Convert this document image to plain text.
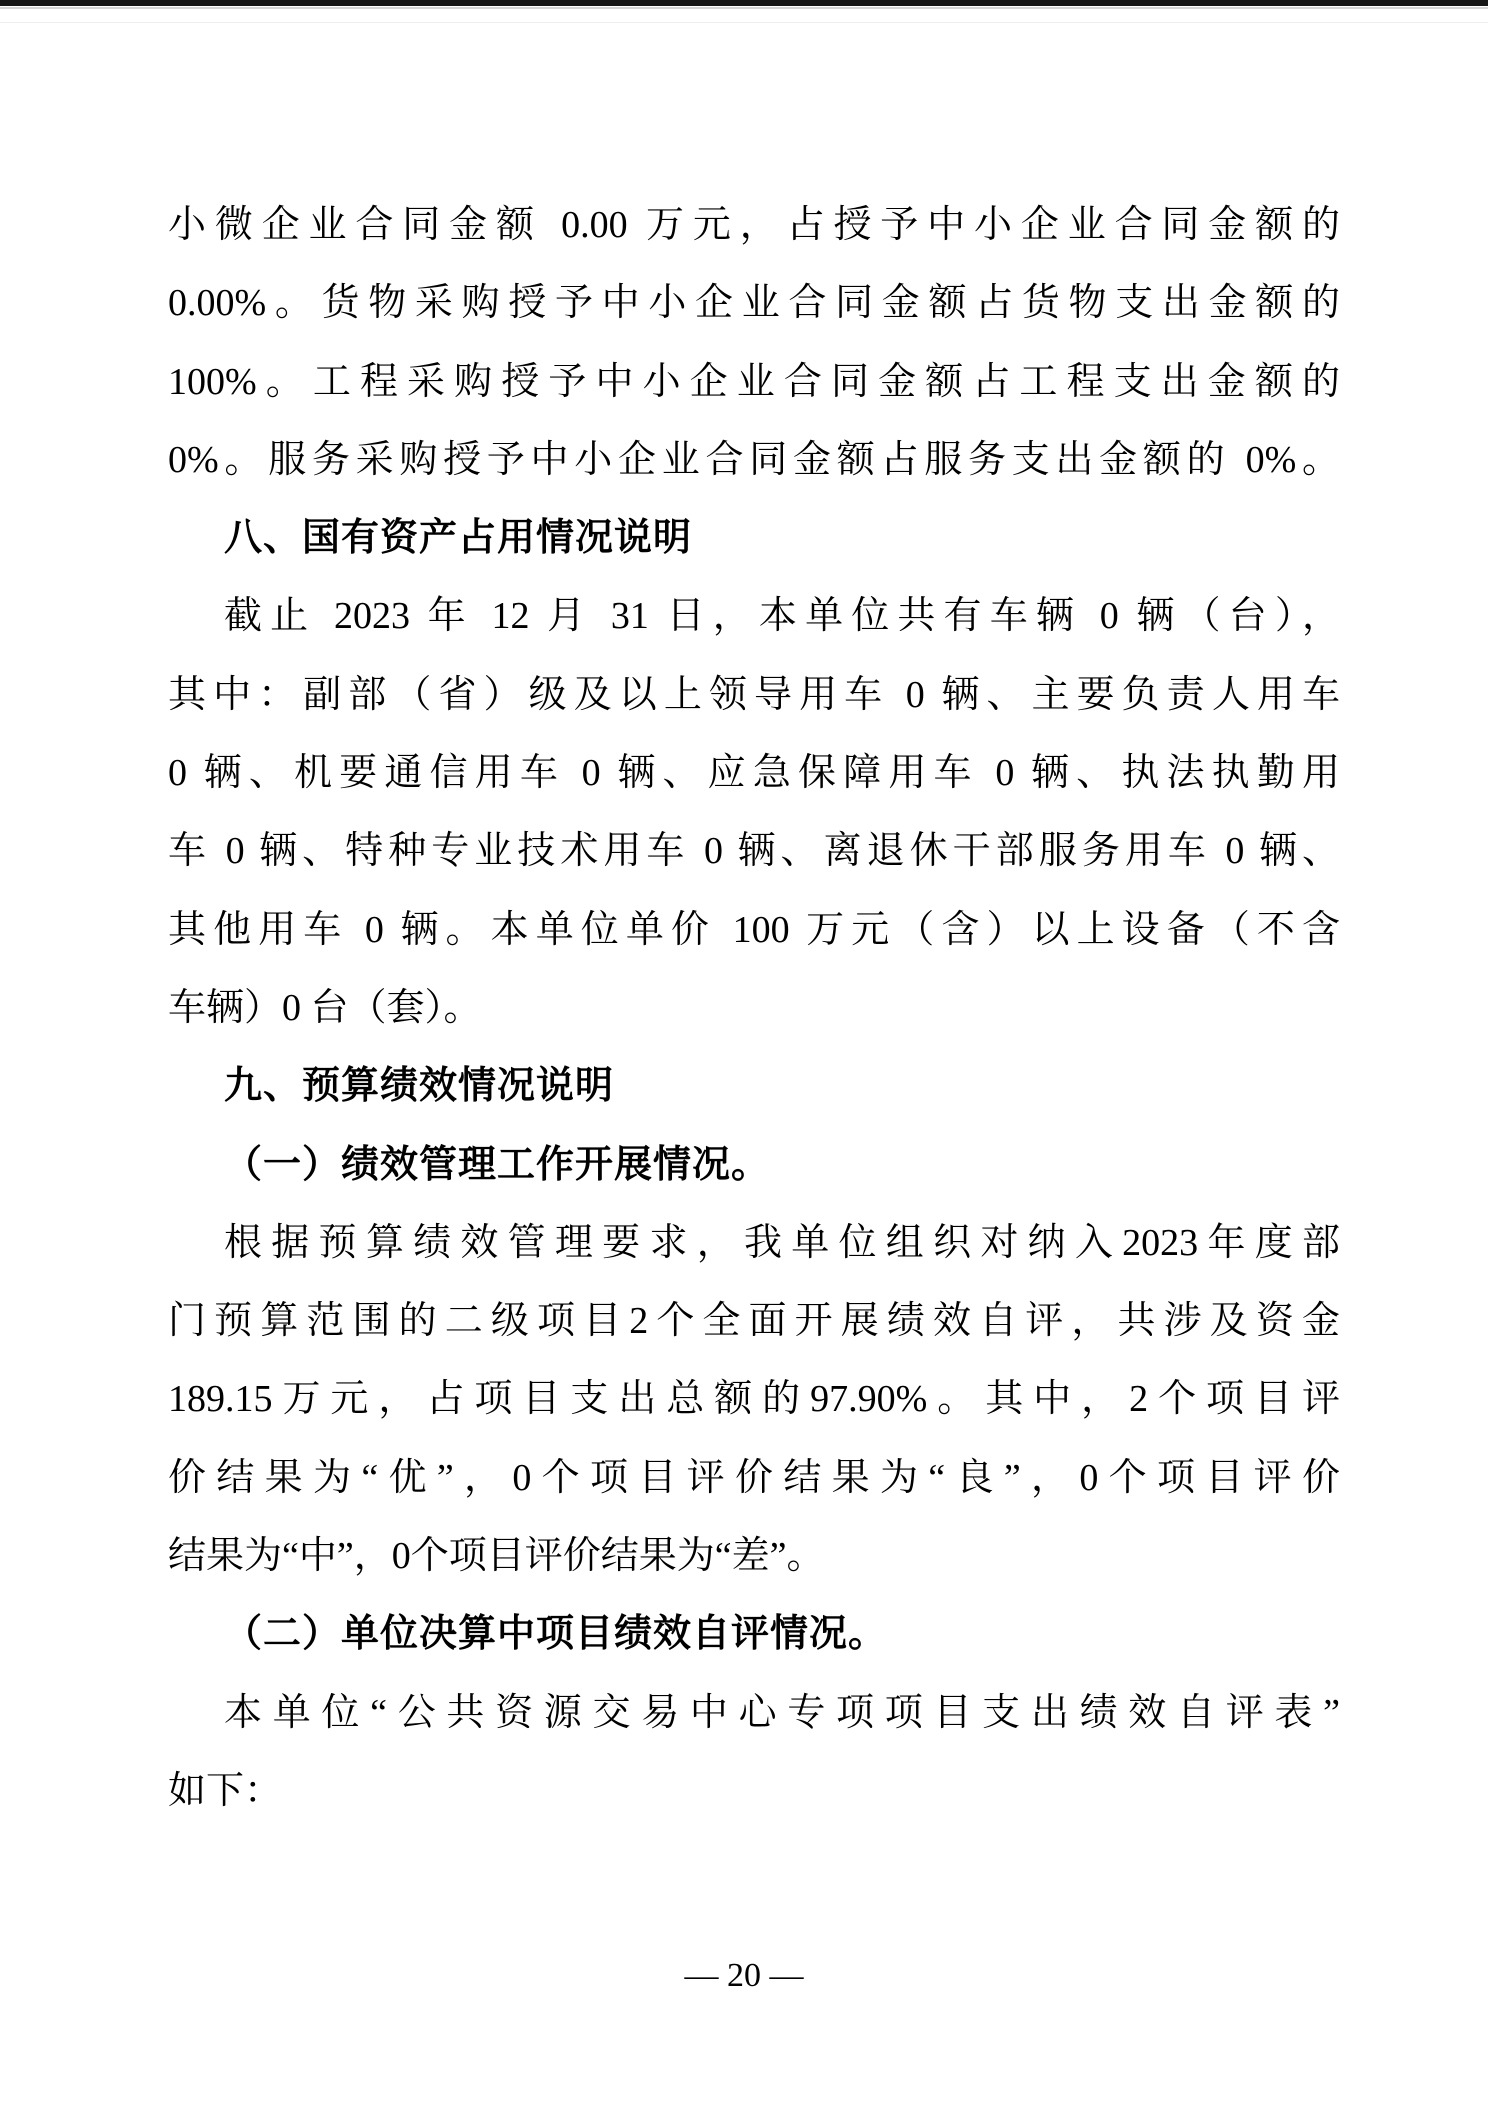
小微企业合同金额 0.00 万元，占授予中小企业合同金额的
0.00%。货物采购授予中小企业合同金额占货物支出金额的
100%。工程采购授予中小企业合同金额占工程支出金额的
0%。服务采购授予中小企业合同金额占服务支出金额的 0%。
八、国有资产占用情况说明
截止 2023 年 12 月 31 日，本单位共有车辆 0 辆（台），
其中：副部（省）级及以上领导用车 0 辆、主要负责人用车
0 辆、机要通信用车 0 辆、应急保障用车 0 辆、执法执勤用
车 0 辆、特种专业技术用车 0 辆、离退休干部服务用车 0 辆、
其他用车 0 辆。本单位单价 100 万元（含）以上设备（不含
车辆）0 台（套）。
九、预算绩效情况说明
（一）绩效管理工作开展情况。
根据预算绩效管理要求，我单位组织对纳入2023年度部
门预算范围的二级项目2个全面开展绩效自评，共涉及资金
189.15万元，占项目支出总额的97.90%。其中，2个项目评
价结果为“优”，0个项目评价结果为“良”，0个项目评价
结果为“中”，0个项目评价结果为“差”。
（二）单位决算中项目绩效自评情况。
本单位“公共资源交易中心专项项目支出绩效自评表”
如下：
— 20 —
